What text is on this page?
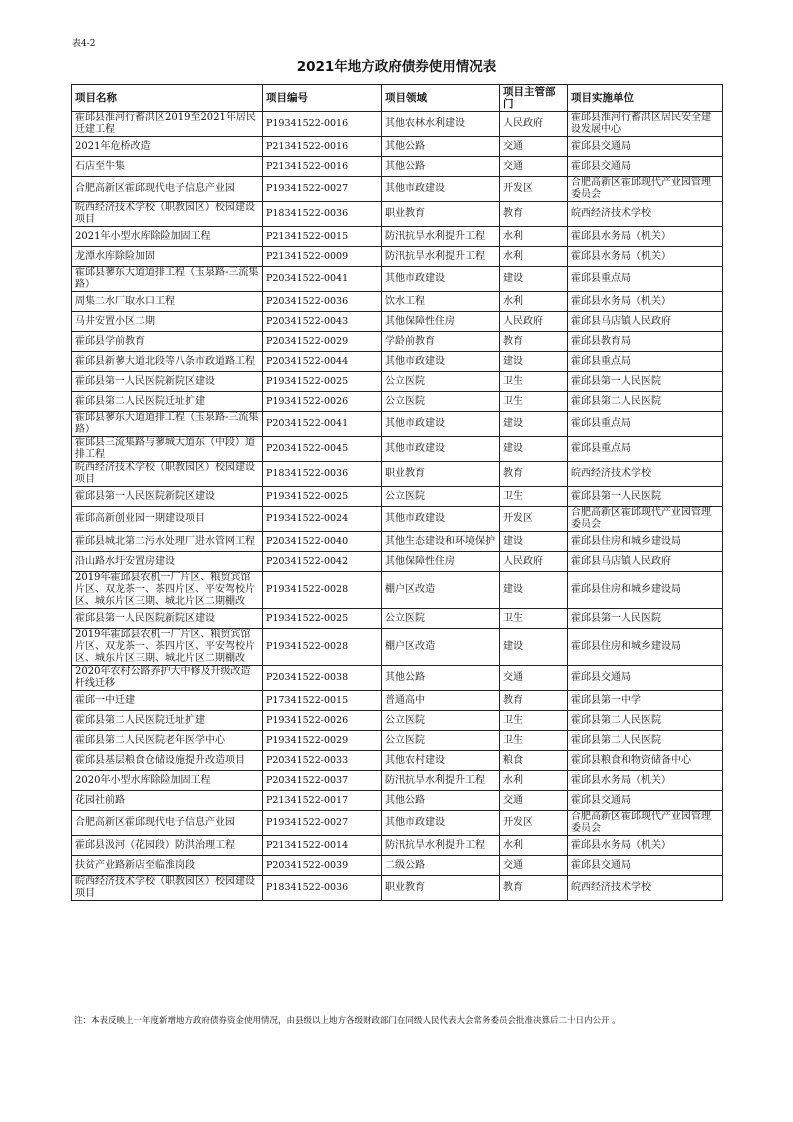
表4-2
2021年地方政府债券使用情况表
项目名称	项目编号	项目领域	项目主管部门	项目实施单位
霍邱县淮河行蓄洪区2019至2021年居民迁建工程	P19341522-0016	其他农林水利建设	人民政府	霍邱县淮河行蓄洪区居民安全建设发展中心
2021年危桥改造	P21341522-0016	其他公路	交通	霍邱县交通局
石店至牛集	P21341522-0016	其他公路	交通	霍邱县交通局
合肥高新区霍邱现代电子信息产业园	P19341522-0027	其他市政建设	开发区	合肥高新区霍邱现代产业园管理委员会
皖西经济技术学校（职教园区）校园建设项目	P18341522-0036	职业教育	教育	皖西经济技术学校
2021年小型水库除险加固工程	P21341522-0015	防汛抗旱水利提升工程	水利	霍邱县水务局（机关）
龙潭水库除险加固	P21341522-0009	防汛抗旱水利提升工程	水利	霍邱县水务局（机关）
霍邱县蓼东大道道排工程（玉泉路-三流集路）	P20341522-0041	其他市政建设	建设	霍邱县重点局
周集二水厂取水口工程	P20341522-0036	饮水工程	水利	霍邱县水务局（机关）
马井安置小区二期	P20341522-0043	其他保障性住房	人民政府	霍邱县马店镇人民政府
霍邱县学前教育	P20341522-0029	学龄前教育	教育	霍邱县教育局
霍邱县新蓼大道北段等八条市政道路工程	P20341522-0044	其他市政建设	建设	霍邱县重点局
霍邱县第一人民医院新院区建设	P19341522-0025	公立医院	卫生	霍邱县第一人民医院
霍邱县第二人民医院迁址扩建	P19341522-0026	公立医院	卫生	霍邱县第二人民医院
霍邱县蓼东大道道排工程（玉泉路-三流集路）	P20341522-0041	其他市政建设	建设	霍邱县重点局
霍邱县三流集路与蓼城大道东（中段）道排工程	P20341522-0045	其他市政建设	建设	霍邱县重点局
皖西经济技术学校（职教园区）校园建设项目	P18341522-0036	职业教育	教育	皖西经济技术学校
霍邱县第一人民医院新院区建设	P19341522-0025	公立医院	卫生	霍邱县第一人民医院
霍邱高新创业园一期建设项目	P19341522-0024	其他市政建设	开发区	合肥高新区霍邱现代产业园管理委员会
霍邱县城北第二污水处理厂进水管网工程	P20341522-0040	其他生态建设和环境保护	建设	霍邱县住房和城乡建设局
沿山路水圩安置房建设	P20341522-0042	其他保障性住房	人民政府	霍邱县马店镇人民政府
2019年霍邱县农机一厂片区、粮贸宾馆片区、双龙茶一、茶四片区、平安驾校片区、城东片区三期、城北片区二期棚改	P19341522-0028	棚户区改造	建设	霍邱县住房和城乡建设局
霍邱县第一人民医院新院区建设	P19341522-0025	公立医院	卫生	霍邱县第一人民医院
2019年霍邱县农机一厂片区、粮贸宾馆片区、双龙茶一、茶四片区、平安驾校片区、城东片区三期、城北片区二期棚改	P19341522-0028	棚户区改造	建设	霍邱县住房和城乡建设局
2020年农村公路养护大中修及升级改造杆线迁移	P20341522-0038	其他公路	交通	霍邱县交通局
霍邱一中迁建	P17341522-0015	普通高中	教育	霍邱县第一中学
霍邱县第二人民医院迁址扩建	P19341522-0026	公立医院	卫生	霍邱县第二人民医院
霍邱县第二人民医院老年医学中心	P19341522-0029	公立医院	卫生	霍邱县第二人民医院
霍邱县基层粮食仓储设施提升改造项目	P20341522-0033	其他农村建设	粮食	霍邱县粮食和物资储备中心
2020年小型水库除险加固工程	P20341522-0037	防汛抗旱水利提升工程	水利	霍邱县水务局（机关）
花园社前路	P21341522-0017	其他公路	交通	霍邱县交通局
合肥高新区霍邱现代电子信息产业园	P19341522-0027	其他市政建设	开发区	合肥高新区霍邱现代产业园管理委员会
霍邱县汲河（花园段）防洪治理工程	P21341522-0014	防汛抗旱水利提升工程	水利	霍邱县水务局（机关）
扶贫产业路新店至临淮岗段	P20341522-0039	二级公路	交通	霍邱县交通局
皖西经济技术学校（职教园区）校园建设项目	P18341522-0036	职业教育	教育	皖西经济技术学校
注：本表反映上一年度新增地方政府债券资金使用情况，由县级以上地方各级财政部门在同级人民代表大会常务委员会批准决算后二十日内公开 。
